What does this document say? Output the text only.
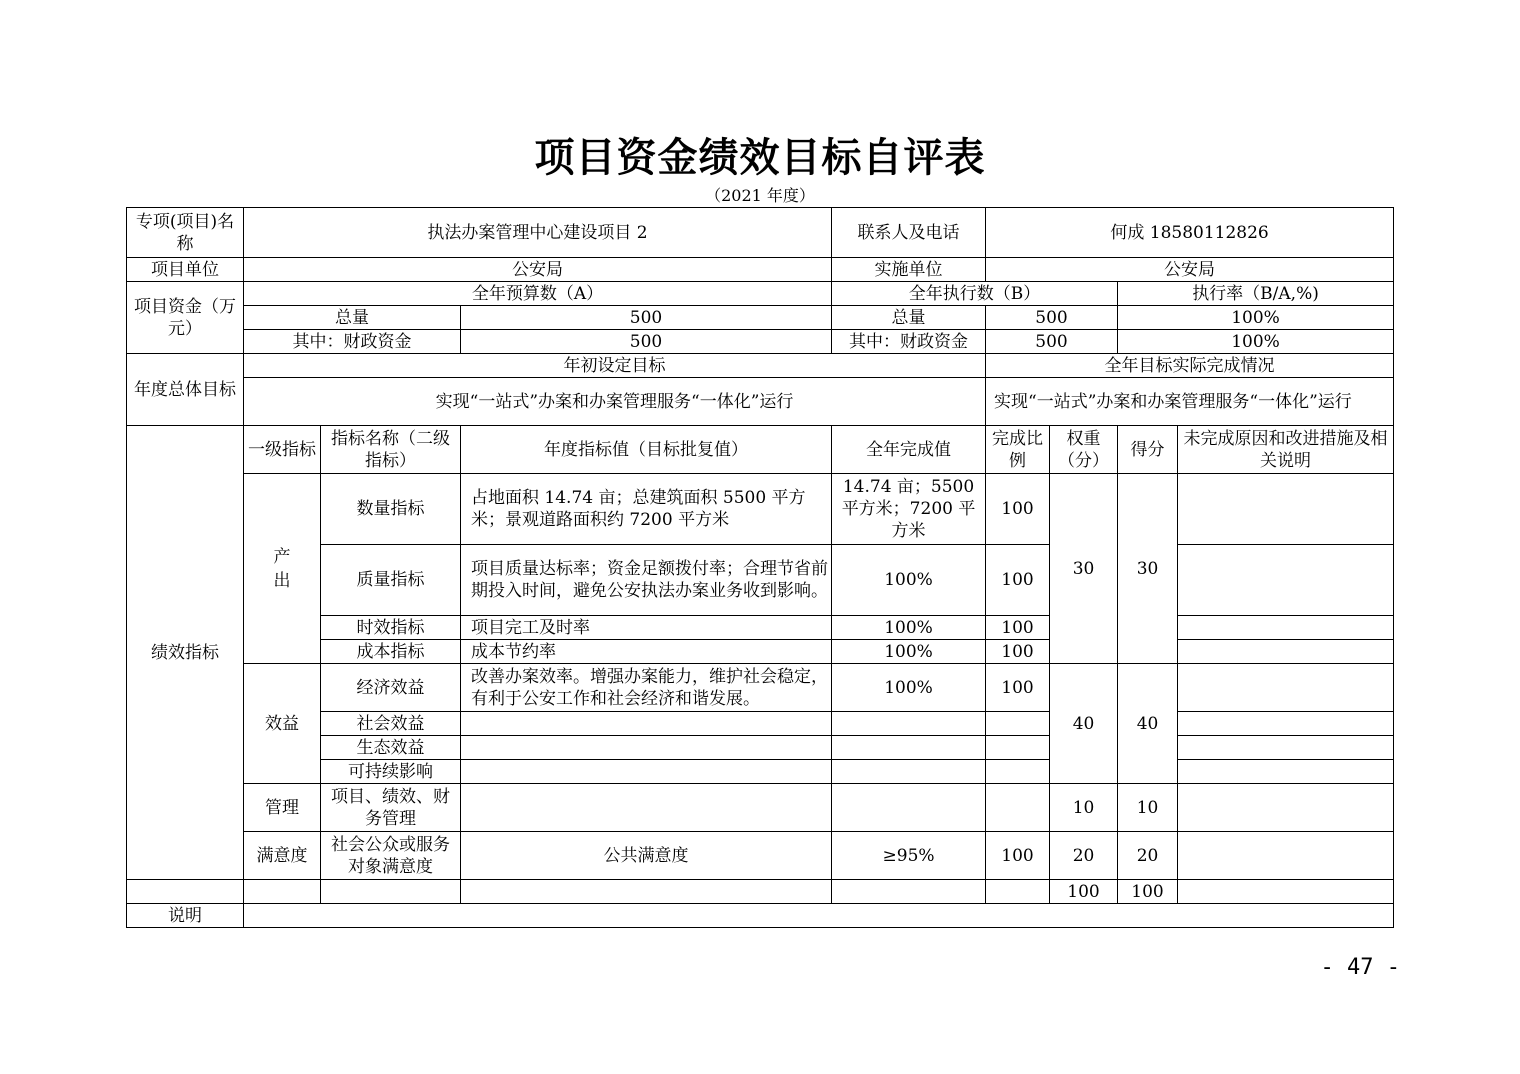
项目资金绩效目标自评表
（2021 年度）
专项(项目)名称	执法办案管理中心建设项目 2			联系人及电话	何成 18580112826			
项目单位	公安局			实施单位	公安局			
项目资金（万元）	全年预算数（A）			全年执行数（B）			执行率（B/A,%)	
	总量		500	总量	500		100%	
	其中：财政资金		500	其中：财政资金	500		100%	
年度总体目标	年初设定目标				全年目标实际完成情况			
	实现“一站式”办案和办案管理服务“一体化”运行				实现“一站式”办案和办案管理服务“一体化”运行			
绩效指标	一级指标	指标名称（二级指标）	年度指标值（目标批复值）	全年完成值	完成比例	权重（分）	得分	未完成原因和改进措施及相关说明
	产出	数量指标	占地面积 14.74 亩；总建筑面积 5500 平方米；景观道路面积约 7200 平方米	14.74 亩；5500 平方米；7200 平方米	100	30	30	
		质量指标	项目质量达标率；资金足额拨付率；合理节省前期投入时间，避免公安执法办案业务收到影响。	100%	100			
		时效指标	项目完工及时率	100%	100			
		成本指标	成本节约率	100%	100			
	效益	经济效益	改善办案效率。增强办案能力，维护社会稳定，有利于公安工作和社会经济和谐发展。	100%	100	40	40	
		社会效益						
		生态效益						
		可持续影响						
	管理	项目、绩效、财务管理				10	10	
	满意度	社会公众或服务对象满意度	公共满意度	≥95%	100	20	20	
						100	100	
说明								
- 47 -
